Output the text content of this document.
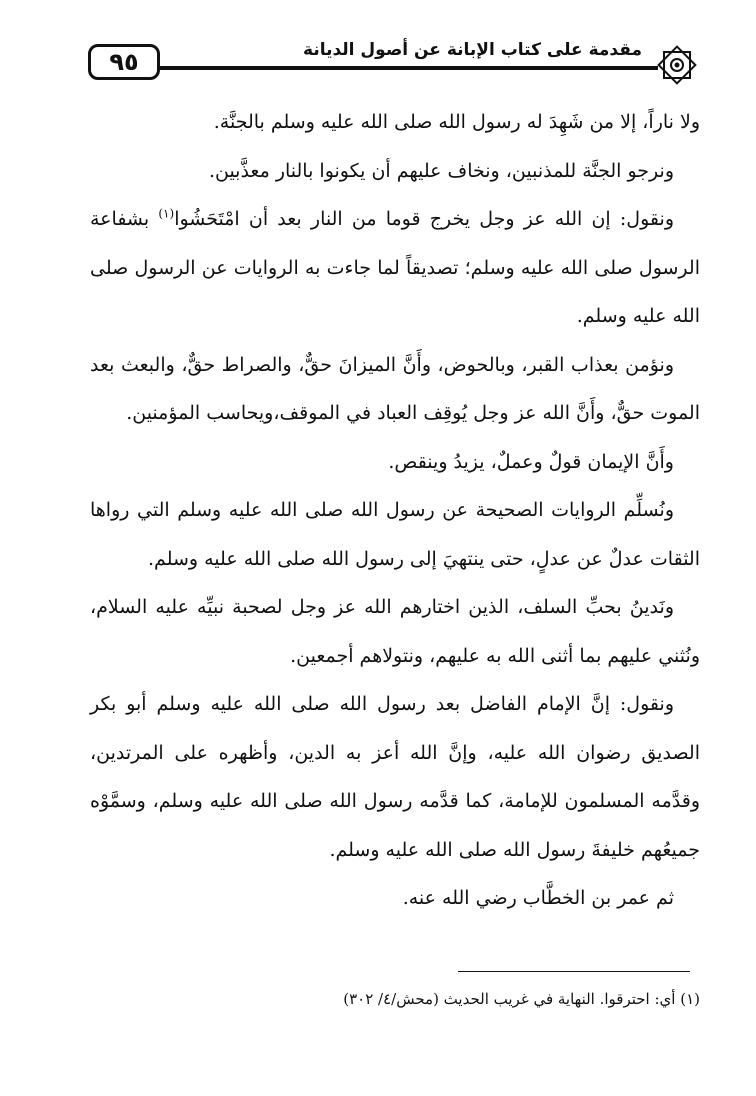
٩٥	مقدمة على كتاب الإبانة عن أصول الديانة

ولا ناراً، إلا من شَهِدَ له رسول الله صلى الله عليه وسلم بالجنَّة.

ونرجو الجنَّة للمذنبين، ونخاف عليهم أن يكونوا بالنار معذَّبين.

ونقول: إن الله عز وجل يخرج قوما من النار بعد أن امْتَحَشُوا$^{(١)}$ بشفاعة الرسول صلى الله عليه وسلم؛ تصديقاً لما جاءت به الروايات عن الرسول صلى الله عليه وسلم.

ونؤمن بعذاب القبر، وبالحوض، وأَنَّ الميزانَ حقٌّ، والصراط حقٌّ، والبعث بعد الموت حقٌّ، وأَنَّ الله عز وجل يُوقِف العباد في الموقف،ويحاسب المؤمنين.

وأَنَّ الإيمان قولٌ وعملٌ، يزيدُ وينقص.

ونُسلِّم الروايات الصحيحة عن رسول الله صلى الله عليه وسلم التي رواها الثقات عدلٌ عن عدلٍ، حتى ينتهيَ إلى رسول الله صلى الله عليه وسلم.

ونَدينُ بحبِّ السلف، الذين اختارهم الله عز وجل لصحبة نبيِّه عليه السلام، ونُثني عليهم بما أثنى الله به عليهم، ونتولاهم أجمعين.

ونقول: إنَّ الإمام الفاضل بعد رسول الله صلى الله عليه وسلم أبو بكر الصديق رضوان الله عليه، وإنَّ الله أعز به الدين، وأظهره على المرتدين، وقدَّمه المسلمون للإمامة، كما قدَّمه رسول الله صلى الله عليه وسلم، وسمَّوْه جميعُهم خليفةَ رسول الله صلى الله عليه وسلم.

ثم عمر بن الخطَّاب رضي الله عنه.

(١) أي: احترقوا. النهاية في غريب الحديث (محش/٤/ ٣٠٢)
